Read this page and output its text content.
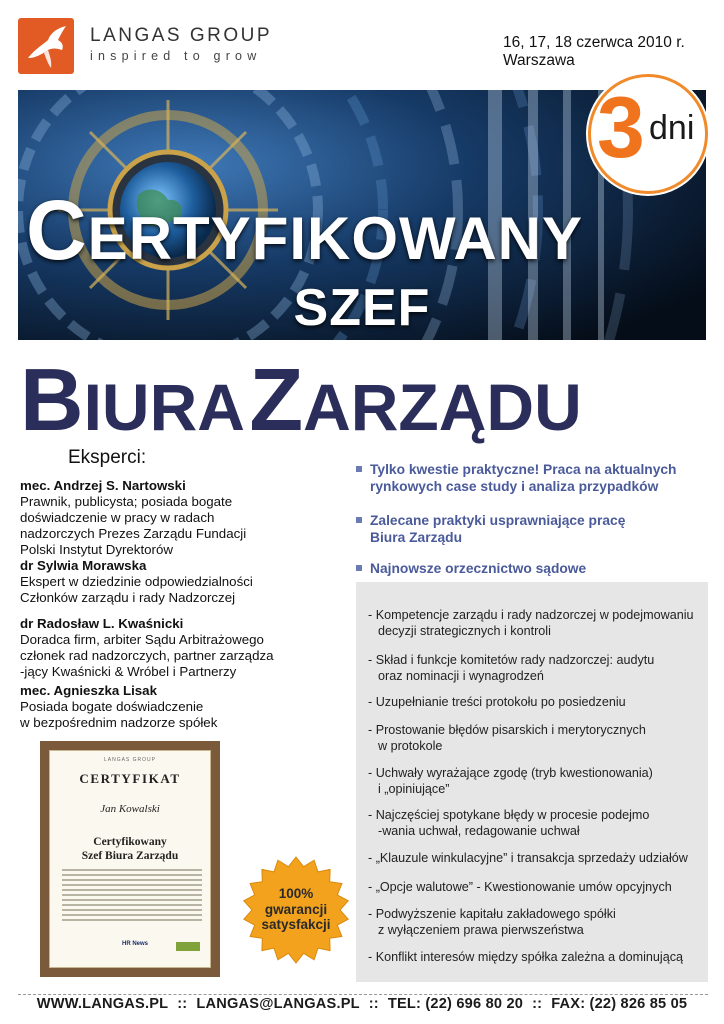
LANGAS GROUP
inspired to grow
16, 17, 18 czerwca 2010 r.
Warszawa
CERTYFIKOWANY
SZEF
3 dni
BIURA ZARZĄDU
Eksperci:
mec. Andrzej S. Nartowski
Prawnik, publicysta; posiada bogate
doświadczenie w pracy w radach
nadzorczych Prezes Zarządu Fundacji
Polski Instytut Dyrektorów
dr Sylwia Morawska
Ekspert w dziedzinie odpowiedzialności
Członków zarządu i rady Nadzorczej
dr Radosław L. Kwaśnicki
Doradca firm, arbiter Sądu Arbitrażowego
członek rad nadzorczych, partner zarządza
-jący Kwaśnicki & Wróbel i Partnerzy
mec. Agnieszka Lisak
Posiada bogate doświadczenie
w bezpośrednim nadzorze spółek
Tylko kwestie praktyczne! Praca na aktualnych
rynkowych case study i analiza przypadków
Zalecane praktyki usprawniające pracę
Biura Zarządu
Najnowsze orzecznictwo sądowe
- Kompetencje zarządu i rady nadzorczej w podejmowaniu
decyzji strategicznych i kontroli
- Skład i funkcje komitetów rady nadzorczej: audytu
oraz nominacji i wynagrodzeń
- Uzupełnianie treści protokołu po posiedzeniu
- Prostowanie błędów pisarskich i merytorycznych
w protokole
- Uchwały wyrażające zgodę (tryb kwestionowania)
i „opiniujące”
- Najczęściej spotykane błędy w procesie podejmo
-wania uchwał, redagowanie uchwał
- „Klauzule winkulacyjne” i transakcja sprzedaży udziałów
- „Opcje walutowe” - Kwestionowanie umów opcyjnych
- Podwyższenie kapitału zakładowego spółki
z wyłączeniem prawa pierwszeństwa
- Konflikt interesów między spółka zależna a dominującą
LANGAS GROUP
CERTYFIKAT
Jan Kowalski
Certyfikowany
Szef Biura Zarządu
HR News
100%
gwarancji
satysfakcji
WWW.LANGAS.PL :: LANGAS@LANGAS.PL :: TEL: (22) 696 80 20 :: FAX: (22) 826 85 05
